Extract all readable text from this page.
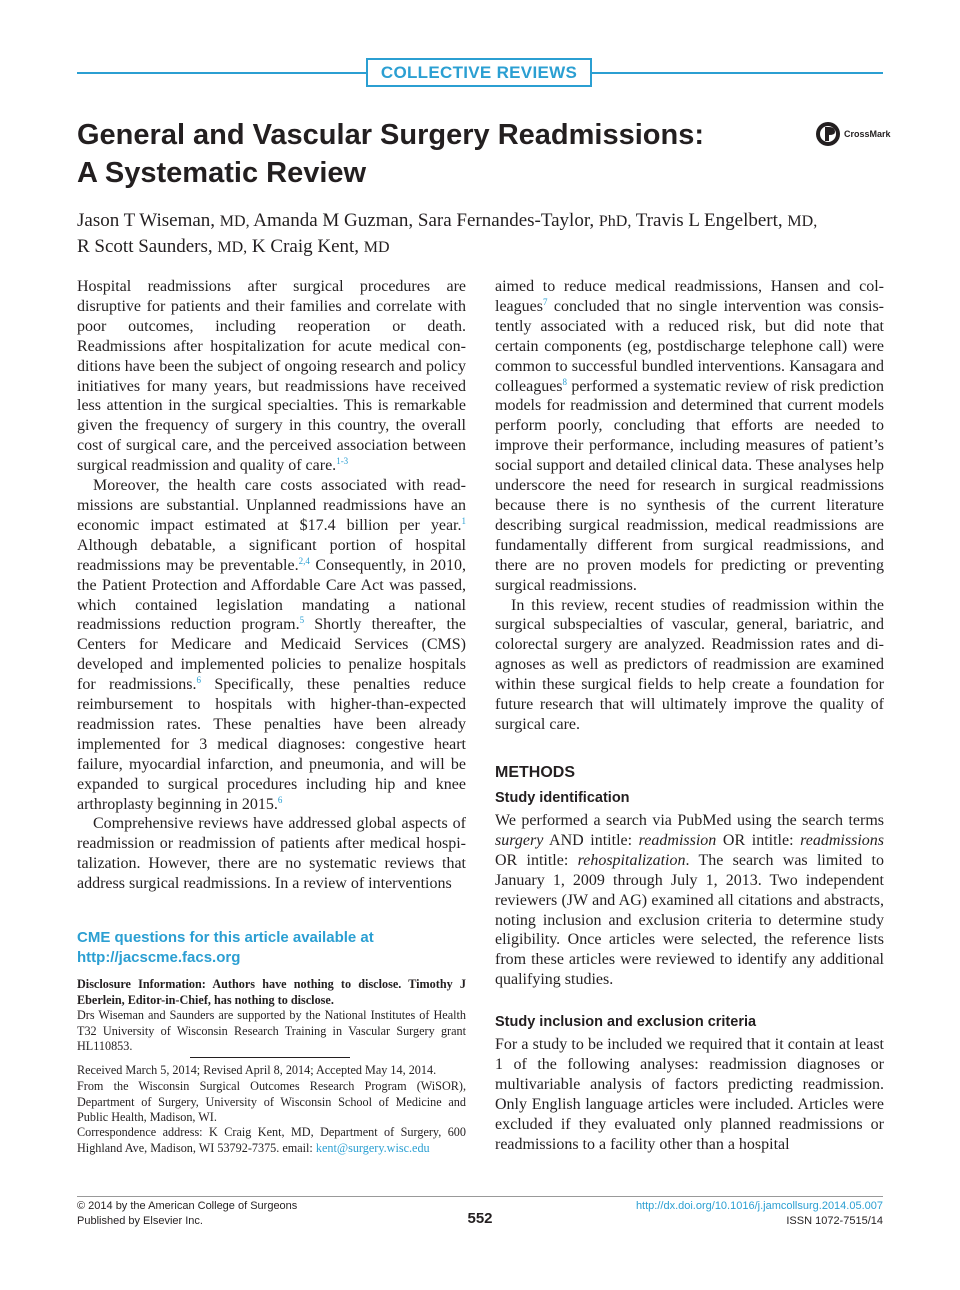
COLLECTIVE REVIEWS
General and Vascular Surgery Readmissions:
A Systematic Review
CrossMark
Jason T Wiseman, MD, Amanda M Guzman, Sara Fernandes-Taylor, PhD, Travis L Engelbert, MD,
R Scott Saunders, MD, K Craig Kent, MD

Hospital readmissions after surgical procedures are disruptive for patients and their families and correlate with poor outcomes, including reoperation or death. Readmissions after hospitalization for acute medical conditions have been the subject of ongoing research and policy initiatives for many years, but readmissions have received less attention in the surgical specialties. This is remarkable given the frequency of surgery in this country, the overall cost of surgical care, and the perceived association between surgical readmission and quality of care.$^{1-3}$

Moreover, the health care costs associated with readmissions are substantial. Unplanned readmissions have an economic impact estimated at $17.4 billion per year.$^1$ Although debatable, a significant portion of hospital readmissions may be preventable.$^{2,4}$ Consequently, in 2010, the Patient Protection and Affordable Care Act was passed, which contained legislation mandating a national readmissions reduction program.$^5$ Shortly thereafter, the Centers for Medicare and Medicaid Services (CMS) developed and implemented policies to penalize hospitals for readmissions.$^6$ Specifically, these penalties reduce reimbursement to hospitals with higher-than-expected readmission rates. These penalties have been already implemented for 3 medical diagnoses: congestive heart failure, myocardial infarction, and pneumonia, and will be expanded to surgical procedures including hip and knee arthroplasty beginning in 2015.$^6$

Comprehensive reviews have addressed global aspects of readmission or readmission of patients after medical hospitalization. However, there are no systematic reviews that address surgical readmissions. In a review of interventions

CME questions for this article available at
http://jacscme.facs.org
Disclosure Information: Authors have nothing to disclose. Timothy J Eberlein, Editor-in-Chief, has nothing to disclose.
Drs Wiseman and Saunders are supported by the National Institutes of Health T32 University of Wisconsin Research Training in Vascular Surgery grant HL110853.
Received March 5, 2014; Revised April 8, 2014; Accepted May 14, 2014.
From the Wisconsin Surgical Outcomes Research Program (WiSOR), Department of Surgery, University of Wisconsin School of Medicine and Public Health, Madison, WI.
Correspondence address: K Craig Kent, MD, Department of Surgery, 600 Highland Ave, Madison, WI 53792-7375. email: kent@surgery.wisc.edu

aimed to reduce medical readmissions, Hansen and colleagues$^7$ concluded that no single intervention was consistently associated with a reduced risk, but did note that certain components (eg, postdischarge telephone call) were common to successful bundled interventions. Kansagara and colleagues$^8$ performed a systematic review of risk prediction models for readmission and determined that current models perform poorly, concluding that efforts are needed to improve their performance, including measures of patient’s social support and detailed clinical data. These analyses help underscore the need for research in surgical readmissions because there is no synthesis of the current literature describing surgical readmission, medical readmissions are fundamentally different from surgical readmissions, and there are no proven models for predicting or preventing surgical readmissions.

In this review, recent studies of readmission within the surgical subspecialties of vascular, general, bariatric, and colorectal surgery are analyzed. Readmission rates and diagnoses as well as predictors of readmission are examined within these surgical fields to help create a foundation for future research that will ultimately improve the quality of surgical care.

METHODS
Study identification
We performed a search via PubMed using the search terms surgery AND intitle: readmission OR intitle: readmissions OR intitle: rehospitalization. The search was limited to January 1, 2009 through July 1, 2013. Two independent reviewers (JW and AG) examined all citations and abstracts, noting inclusion and exclusion criteria to determine study eligibility. Once articles were selected, the reference lists from these articles were reviewed to identify any additional qualifying studies.
Study inclusion and exclusion criteria
For a study to be included we required that it contain at least 1 of the following analyses: readmission diagnoses or multivariable analysis of factors predicting readmission. Only English language articles were included. Articles were excluded if they evaluated only planned readmissions or readmissions to a facility other than a hospital
© 2014 by the American College of Surgeons
Published by Elsevier Inc.	552
http://dx.doi.org/10.1016/j.jamcollsurg.2014.05.007
ISSN 1072-7515/14
